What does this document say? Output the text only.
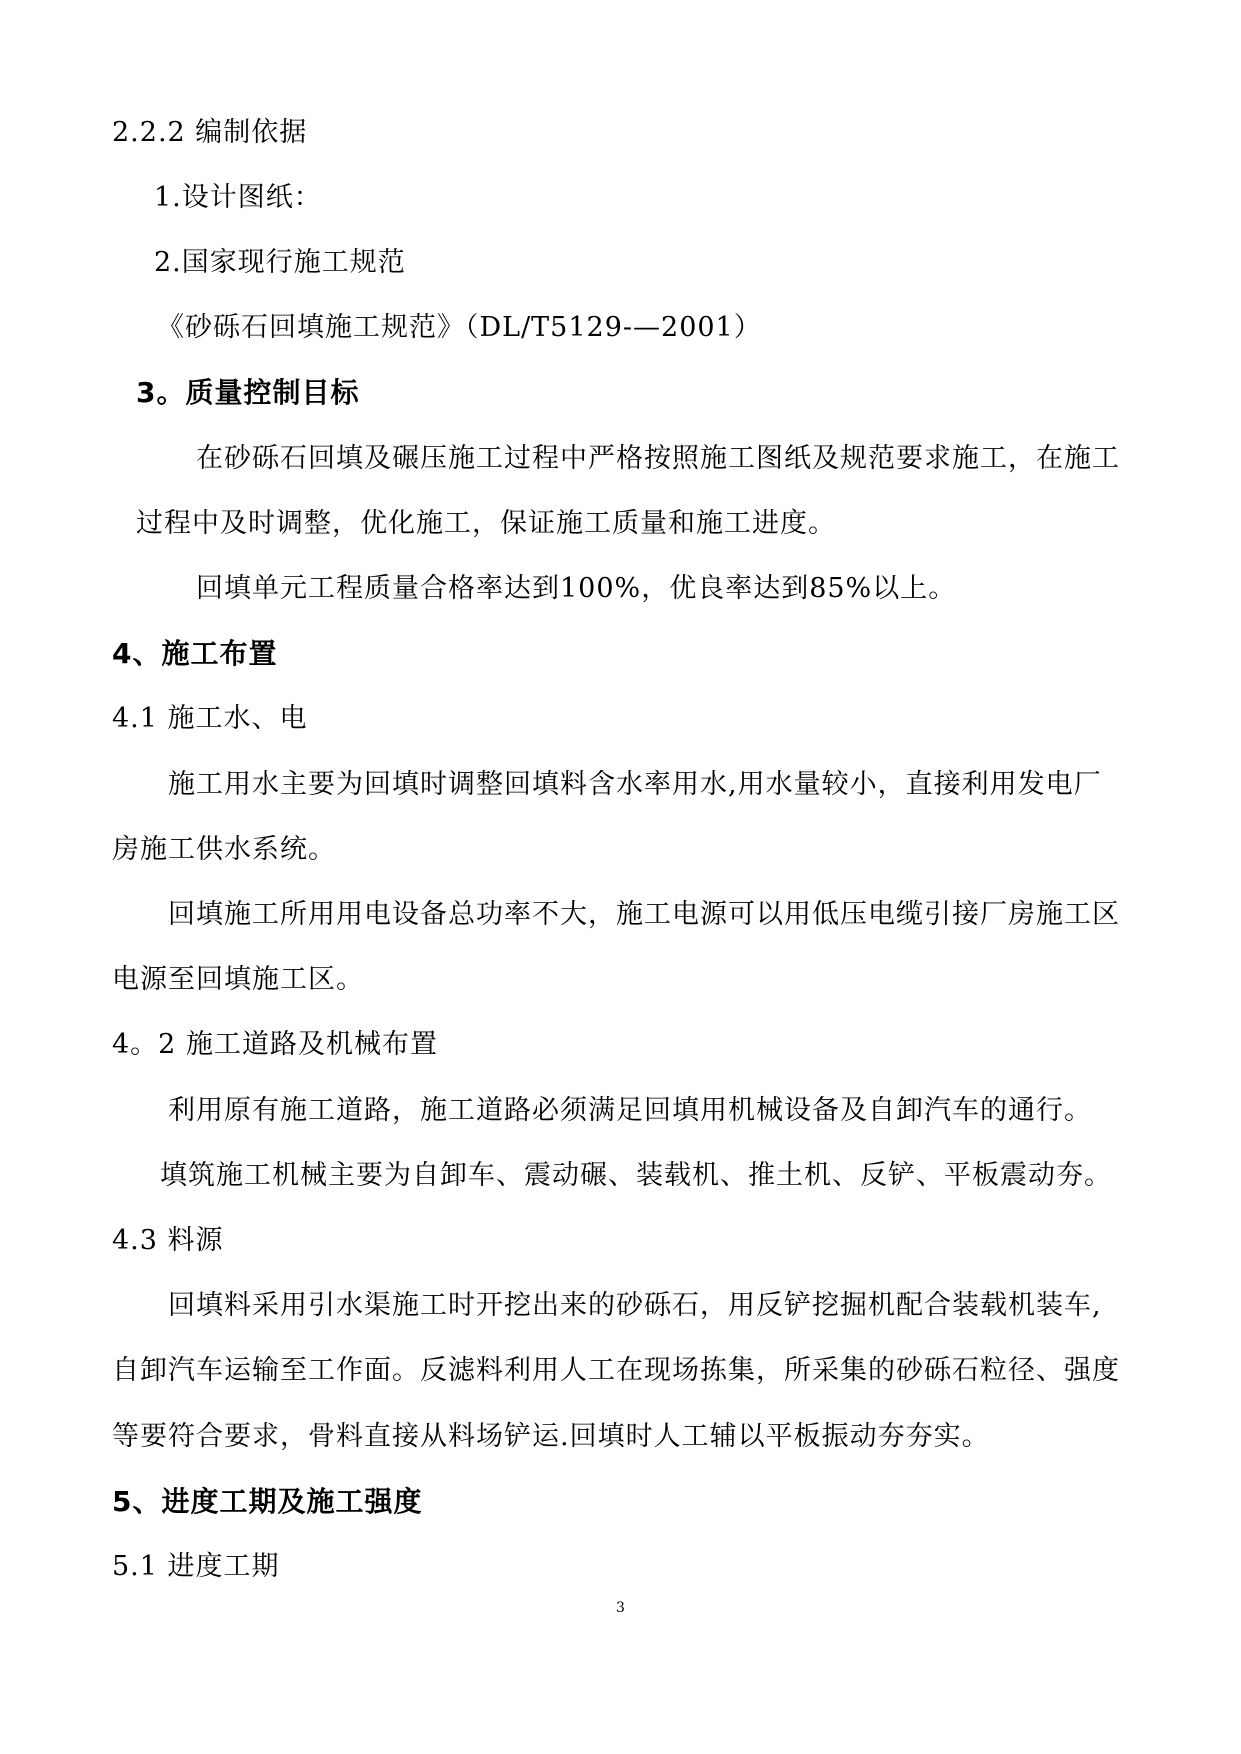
2.2.2 编制依据
1.设计图纸：
2.国家现行施工规范
《砂砾石回填施工规范》（DL/T5129-—2001）
3。质量控制目标
在砂砾石回填及碾压施工过程中严格按照施工图纸及规范要求施工，在施工
过程中及时调整，优化施工，保证施工质量和施工进度。
回填单元工程质量合格率达到100%，优良率达到85%以上。
4、施工布置
4.1 施工水、电
施工用水主要为回填时调整回填料含水率用水,用水量较小，直接利用发电厂
房施工供水系统。
回填施工所用用电设备总功率不大，施工电源可以用低压电缆引接厂房施工区
电源至回填施工区。
4。2 施工道路及机械布置
利用原有施工道路，施工道路必须满足回填用机械设备及自卸汽车的通行。
填筑施工机械主要为自卸车、震动碾、装载机、推土机、反铲、平板震动夯。
4.3 料源
回填料采用引水渠施工时开挖出来的砂砾石，用反铲挖掘机配合装载机装车,
自卸汽车运输至工作面。反滤料利用人工在现场拣集，所采集的砂砾石粒径、强度
等要符合要求，骨料直接从料场铲运.回填时人工辅以平板振动夯夯实。
5、进度工期及施工强度
5.1 进度工期
3
